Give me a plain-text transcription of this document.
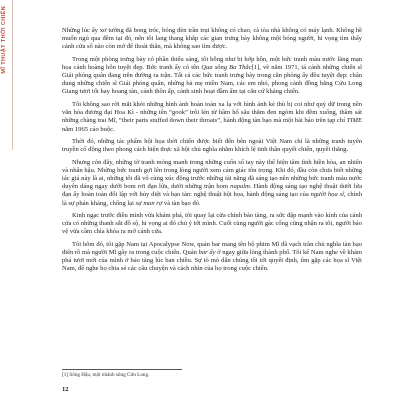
MĨ THUẬT THỜI CHIẾN	Những lúc ấy xơ tường đã bong tróc, bóng đèn trần trụi không có chao, cà tòa nhà không có máy lạnh. Không hề muốn ngủ qua đêm tại đó, nên tôi lang thang khắp các gian trưng bày không một bóng người, hi vọng tìm thấy cánh cửa sổ nào còn mở để thoát thân, mà không sao tìm được.

Trong một phòng trưng bày có phần thiếu sáng, tôi bỗng như bị hớp hồn, một bức tranh màu nước lãng mạn họa cảnh hoàng hôn tuyệt đẹp. Bức tranh ấy có tên Qua sông Ba Thắc[1], vẽ năm 1971, tả cảnh những chiến sĩ Giải phóng quân đang trên đường ra trận. Tất cả các bức tranh trưng bày trong căn phòng ấy đều tuyệt đẹp: chân dung những chiến sĩ Giải phóng quân, những bà mẹ miền Nam, các em nhỏ, phong cảnh đồng bằng Cửu Long Giang tươi tốt hay hoang tàn, cảnh thôn ấp, cảnh sinh hoạt đầm ấm tại căn cứ kháng chiến.

Tôi không sao rời mắt khỏi những hình ảnh hoàn toàn xa lạ với hình ảnh kẻ thù bị coi như quỷ dữ trong nền văn hóa đương đại Hoa Kì - những tên “gook” trôi lén từ hầm hố sâu thẳm đen ngòm khi đêm xuống, thầm sát những chàng trai Mĩ, “their parts stuffed down their throats”, hành động tàn bạo mà một bài báo trên tạp chí TIME năm 1965 cáo buộc.

Thời đó, những tác phẩm hội họa thời chiến được biết đến bên ngoài Việt Nam chỉ là những tranh tuyên truyền cổ động theo phong cách hiện thực xã hội chủ nghĩa nhằm khích lệ tinh thần quyết chiến, quyết thắng.

Nhưng còn đây, những tờ tranh mỏng manh trong những cuốn sổ tay này thể hiện tâm tình hiền hòa, an nhiên và nhân hậu. Những bức tranh gợi lên trong lòng người xem cảm giác tôn trọng. Khi đó, đầu còn chưa biết những tác giả này là ai, những tôi đã vô cùng xúc động trước những tài năng đã sáng tạo nên những bức tranh màu nước duyên dáng ngay dưới bom rơi đạn lửa, dưới những trận bom napalm. Hành động sáng tạo nghệ thuật dưới lửa đạn ấy hoàn toàn đối lập với hủy diệt và bạo tàn: nghệ thuật hội họa, hành động sáng tạo của người họa sĩ, chính là sự phản kháng, chống lại sự man rợ và tàn bạo đó.

Kinh ngạc trước điều mình vừa khám phá, tôi quay lại cửa chính bảo tàng, ra sức đập mạnh vào kính của cánh cửa có những thanh sắt đồ sộ, hi vọng ai đó chú ý tới mình. Cuối cùng người gác cổng cũng nhận ra tôi, người bảo vệ vừa cầm chìa khóa ra mở cánh cửa.

Tôi hôm đó, tôi gặp Nam tại Apocalypse Now, quán bar mang tên bộ phim Mĩ đã vạch trần chủ nghĩa tàn bạo điên rồ mà người Mĩ gây ra trong cuộc chiến. Quán bar ấy ở ngay giữa lòng thành phố. Tôi kể Nam nghe về khám phá tươi mới của mình ở bảo tàng lúc ban chiều. Sự tò mò dẫn chúng tôi tới quyết định, tìm gặp các họa sĩ Việt Nam, để nghe họ chia sẻ các câu chuyện và cách nhìn của họ trong cuộc chiến.

[1] Sông Hậu, một nhánh sông Cửu Long.
12
